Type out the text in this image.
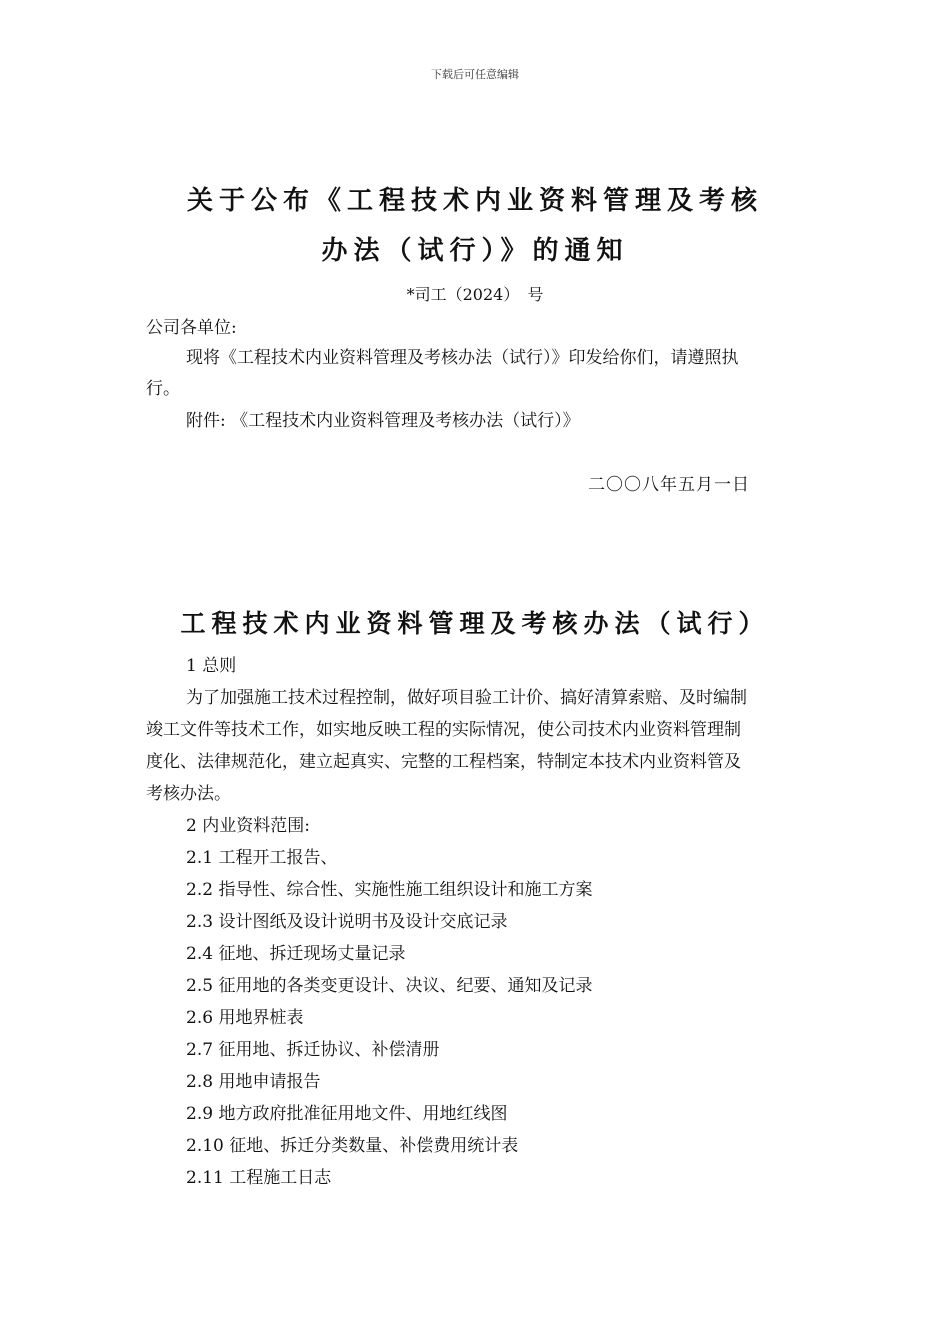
下载后可任意编辑
关于公布《工程技术内业资料管理及考核
办法（试行）》的通知
*司工（2024）　号
公司各单位:
现将《工程技术内业资料管理及考核办法（试行）》印发给你们，请遵照执
行。
附件: 《工程技术内业资料管理及考核办法（试行）》
二〇〇八年五月一日
工程技术内业资料管理及考核办法（试行）
1 总则
为了加强施工技术过程控制，做好项目验工计价、搞好清算索赔、及时编制
竣工文件等技术工作，如实地反映工程的实际情况，使公司技术内业资料管理制
度化、法律规范化，建立起真实、完整的工程档案，特制定本技术内业资料管及
考核办法。
2 内业资料范围:
2.1 工程开工报告、
2.2 指导性、综合性、实施性施工组织设计和施工方案
2.3 设计图纸及设计说明书及设计交底记录
2.4 征地、拆迁现场丈量记录
2.5 征用地的各类变更设计、决议、纪要、通知及记录
2.6 用地界桩表
2.7 征用地、拆迁协议、补偿清册
2.8 用地申请报告
2.9 地方政府批准征用地文件、用地红线图
2.10 征地、拆迁分类数量、补偿费用统计表
2.11 工程施工日志
